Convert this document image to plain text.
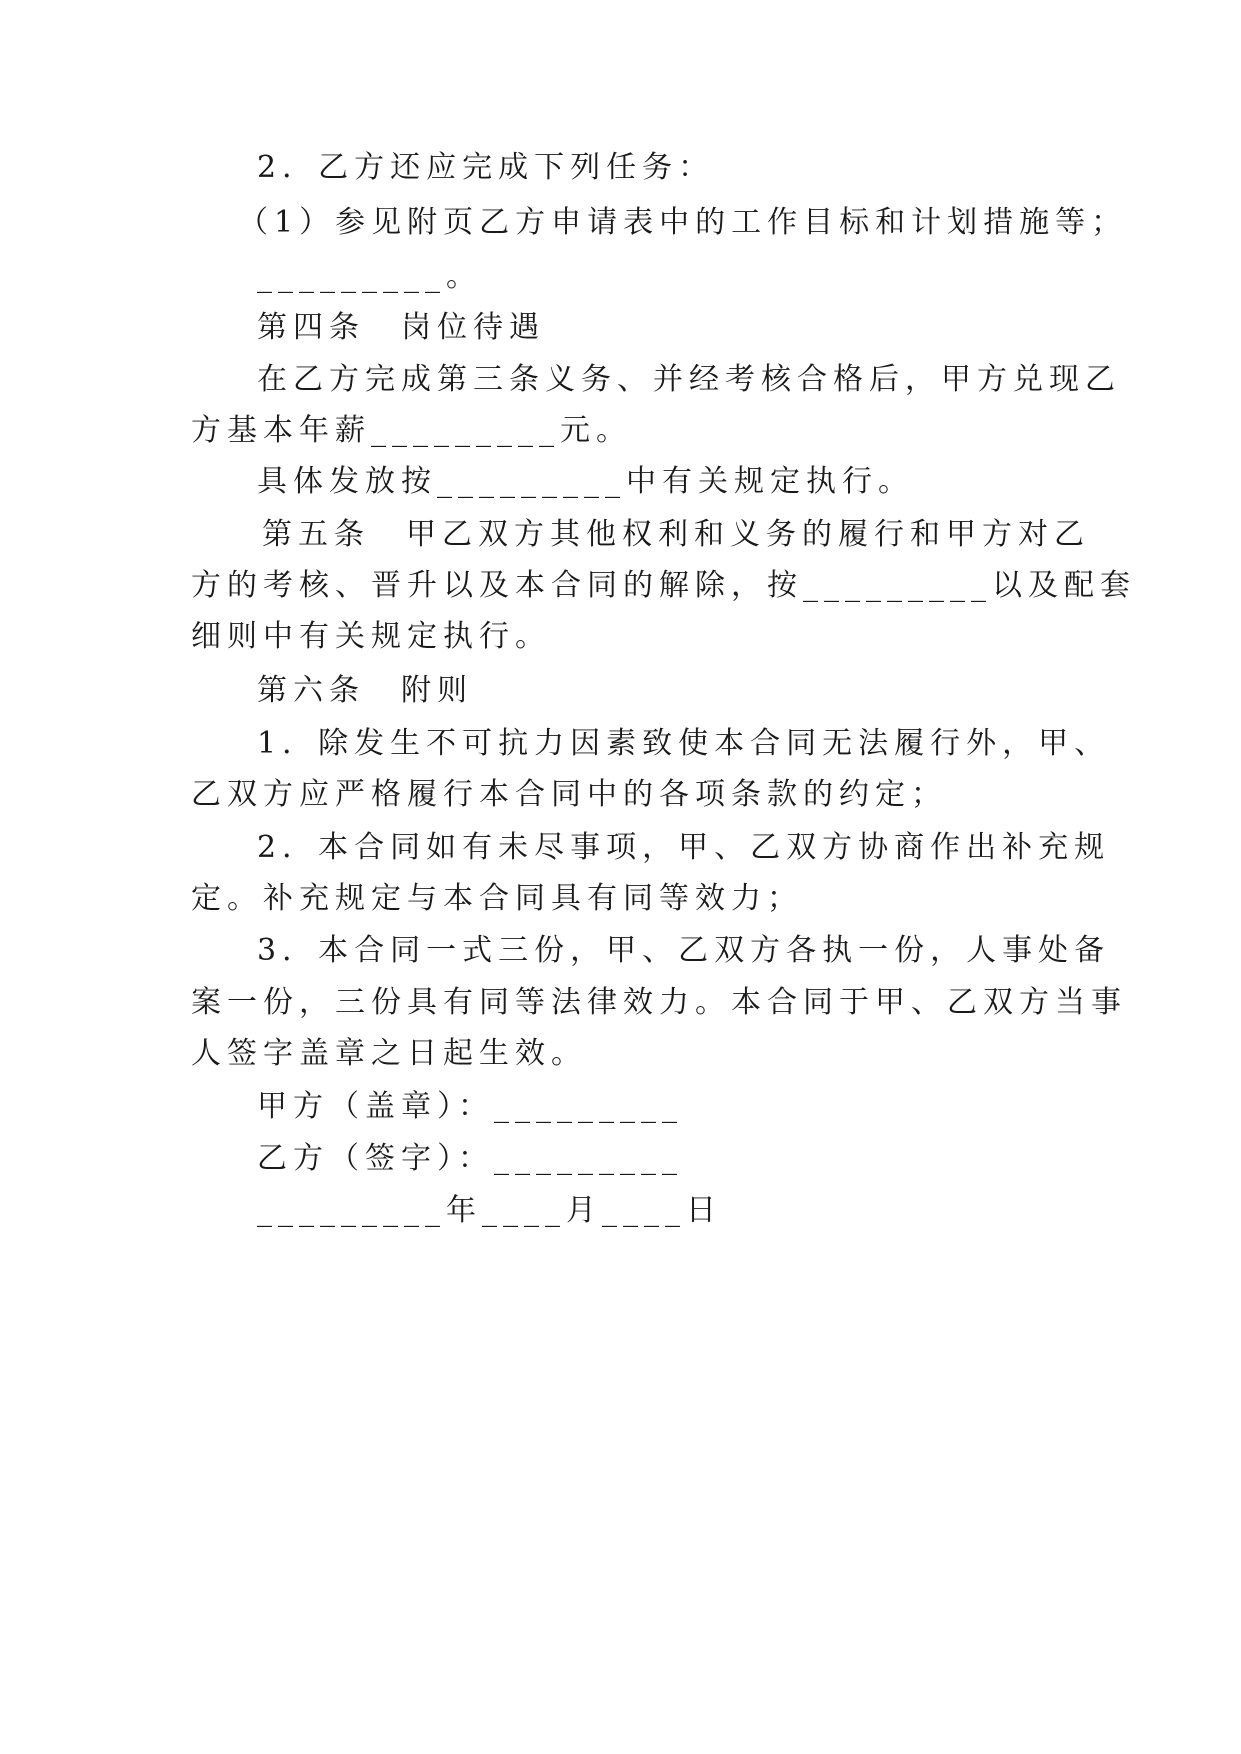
2．乙方还应完成下列任务：

（1）参见附页乙方申请表中的工作目标和计划措施等；

_________。

第四条　岗位待遇

在乙方完成第三条义务、并经考核合格后，甲方兑现乙

方基本年薪_________元。

具体发放按_________中有关规定执行。

第五条　甲乙双方其他权利和义务的履行和甲方对乙

方的考核、晋升以及本合同的解除，按_________以及配套

细则中有关规定执行。

第六条　附则

1．除发生不可抗力因素致使本合同无法履行外，甲、

乙双方应严格履行本合同中的各项条款的约定；

2．本合同如有未尽事项，甲、乙双方协商作出补充规

定。补充规定与本合同具有同等效力；

3．本合同一式三份，甲、乙双方各执一份，人事处备

案一份，三份具有同等法律效力。本合同于甲、乙双方当事

人签字盖章之日起生效。

甲方（盖章）：_________

乙方（签字）：_________

_________年____月____日
